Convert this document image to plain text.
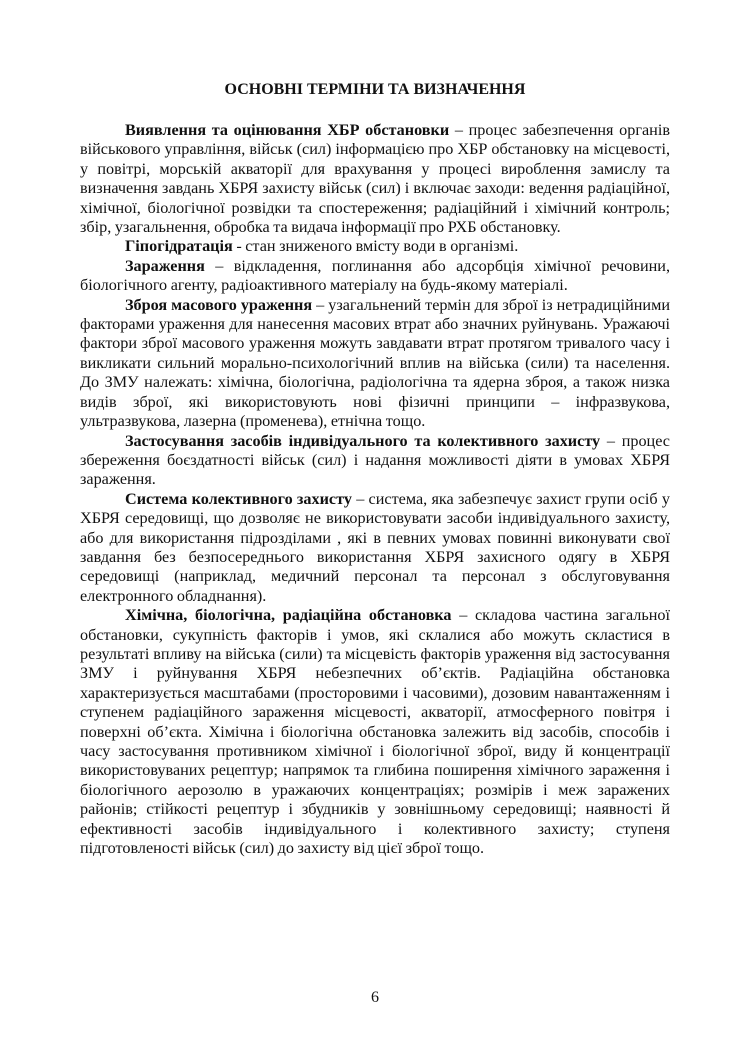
ОСНОВНІ ТЕРМІНИ ТА ВИЗНАЧЕННЯ

Виявлення та оцінювання ХБР обстановки – процес забезпечення органів військового управління, військ (сил) інформацією про ХБР обстановку на місцевості, у повітрі, морській акваторії для врахування у процесі вироблення замислу та визначення завдань ХБРЯ захисту військ (сил) і включає заходи: ведення радіаційної, хімічної, біологічної розвідки та спостереження; радіаційний і хімічний контроль; збір, узагальнення, обробка та видача інформації про РХБ обстановку.

Гіпогідратація - стан зниженого вмісту води в організмі.

Зараження – відкладення, поглинання або адсорбція хімічної речовини, біологічного агенту, радіоактивного матеріалу на будь-якому матеріалі.

Зброя масового ураження – узагальнений термін для зброї із нетрадиційними факторами ураження для нанесення масових втрат або значних руйнувань. Уражаючі фактори зброї масового ураження можуть завдавати втрат протягом тривалого часу і викликати сильний морально-психологічний вплив на війська (сили) та населення. До ЗМУ належать: хімічна, біологічна, радіологічна та ядерна зброя, а також низка видів зброї, які використовують нові фізичні принципи – інфразвукова, ультразвукова, лазерна (променева), етнічна тощо.

Застосування засобів індивідуального та колективного захисту – процес збереження боєздатності військ (сил) і надання можливості діяти в умовах ХБРЯ зараження.

Система колективного захисту – система, яка забезпечує захист групи осіб у ХБРЯ середовищі, що дозволяє не використовувати засоби індивідуального захисту, або для використання підрозділами , які в певних умовах повинні виконувати свої завдання без безпосереднього використання ХБРЯ захисного одягу в ХБРЯ середовищі (наприклад, медичний персонал та персонал з обслуговування електронного обладнання).

Хімічна, біологічна, радіаційна обстановка – складова частина загальної обстановки, сукупність факторів і умов, які склалися або можуть скластися в результаті впливу на війська (сили) та місцевість факторів ураження від застосування ЗМУ і руйнування ХБРЯ небезпечних об’єктів. Радіаційна обстановка характеризується масштабами (просторовими і часовими), дозовим навантаженням і ступенем радіаційного зараження місцевості, акваторії, атмосферного повітря і поверхні об’єкта. Хімічна і біологічна обстановка залежить від засобів, способів і часу застосування противником хімічної і біологічної зброї, виду й концентрації використовуваних рецептур; напрямок та глибина поширення хімічного зараження і біологічного аерозолю в уражаючих концентраціях; розмірів і меж заражених районів; стійкості рецептур і збудників у зовнішньому середовищі; наявності й ефективності засобів індивідуального і колективного захисту; ступеня підготовленості військ (сил) до захисту від цієї зброї тощо.

6
